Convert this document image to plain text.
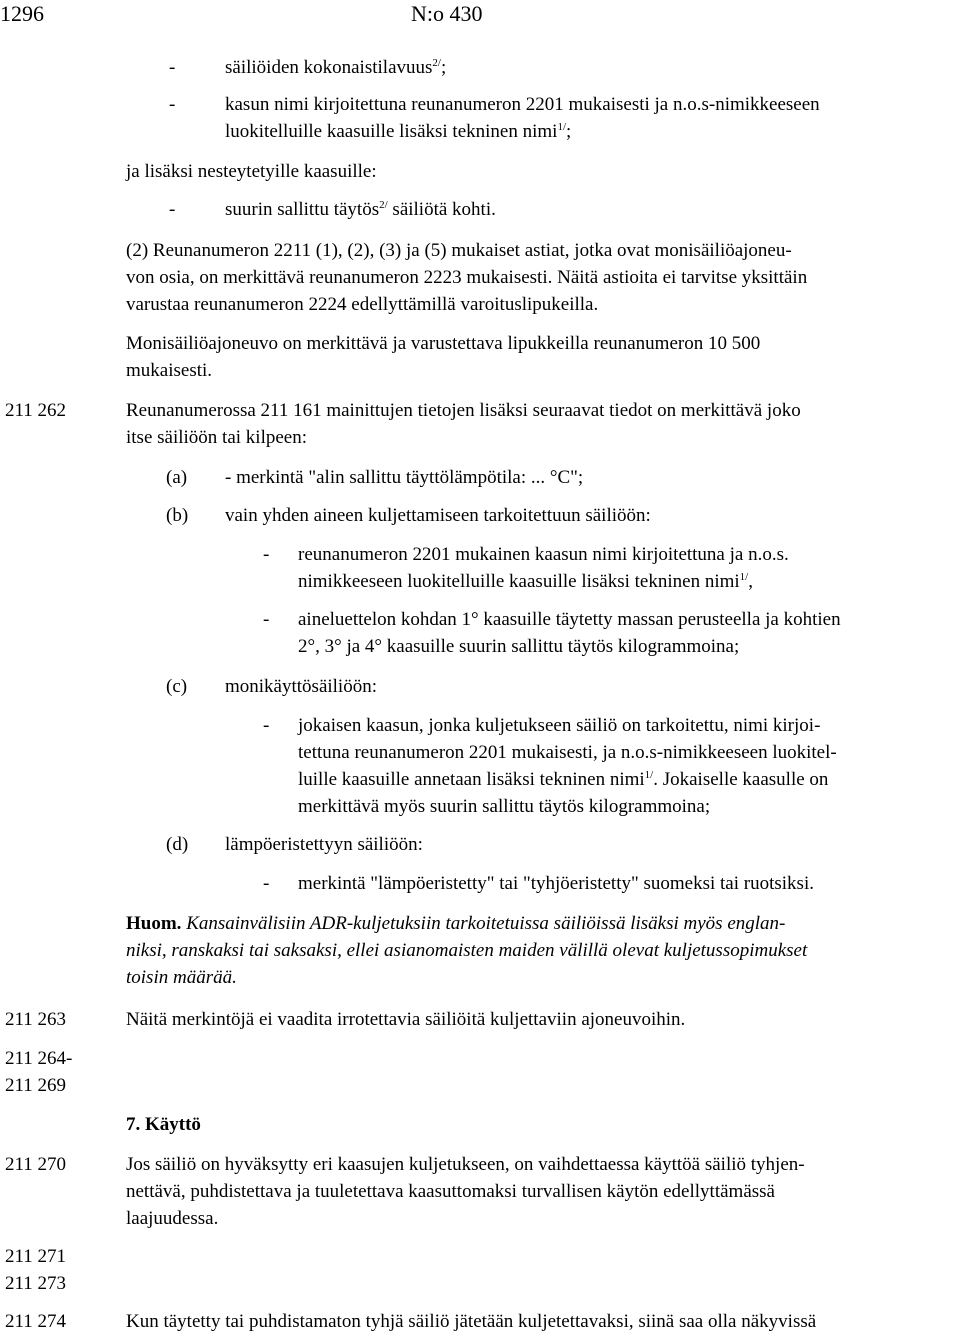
1296	N:o 430
-	säiliöiden kokonaistilavuus$^{2/}$;
-	kasun nimi kirjoitettuna reunanumeron 2201 mukaisesti ja n.o.s-nimikkeeseen
luokitelluille kaasuille lisäksi tekninen nimi$^{1/}$;
ja lisäksi nesteytetyille kaasuille:
-	suurin sallittu täytös$^{2/}$ säiliötä kohti.
(2) Reunanumeron 2211 (1), (2), (3) ja (5) mukaiset astiat, jotka ovat monisäiliöajoneu-
von osia, on merkittävä reunanumeron 2223 mukaisesti. Näitä astioita ei tarvitse yksittäin
varustaa reunanumeron 2224 edellyttämillä varoituslipukeilla.
Monisäiliöajoneuvo on merkittävä ja varustettava lipukkeilla reunanumeron 10 500
mukaisesti.
211 262	Reunanumerossa 211 161 mainittujen tietojen lisäksi seuraavat tiedot on merkittävä joko
itse säiliöön tai kilpeen:
(a) - merkintä "alin sallittu täyttölämpötila: ... °C";
(b) vain yhden aineen kuljettamiseen tarkoitettuun säiliöön:
- reunanumeron 2201 mukainen kaasun nimi kirjoitettuna ja n.o.s.
nimikkeeseen luokitelluille kaasuille lisäksi tekninen nimi$^{1/}$,
- aineluettelon kohdan 1° kaasuille täytetty massan perusteella ja kohtien
2°, 3° ja 4° kaasuille suurin sallittu täytös kilogrammoina;
(c) monikäyttösäiliöön:
- jokaisen kaasun, jonka kuljetukseen säiliö on tarkoitettu, nimi kirjoi-
tettuna reunanumeron 2201 mukaisesti, ja n.o.s-nimikkeeseen luokitel-
luille kaasuille annetaan lisäksi tekninen nimi$^{1/}$. Jokaiselle kaasulle on
merkittävä myös suurin sallittu täytös kilogrammoina;
(d) lämpöeristettyyn säiliöön:
- merkintä "lämpöeristetty" tai "tyhjöeristetty" suomeksi tai ruotsiksi.
Huom. Kansainvälisiin ADR-kuljetuksiin tarkoitetuissa säiliöissä lisäksi myös englan-
niksi, ranskaksi tai saksaksi, ellei asianomaisten maiden välillä olevat kuljetussopimukset
toisin määrää.
211 263	Näitä merkintöjä ei vaadita irrotettavia säiliöitä kuljettaviin ajoneuvoihin.
211 264-
211 269
7. Käyttö
211 270	Jos säiliö on hyväksytty eri kaasujen kuljetukseen, on vaihdettaessa käyttöä säiliö tyhjen-
nettävä, puhdistettava ja tuuletettava kaasuttomaksi turvallisen käytön edellyttämässä
laajuudessa.
211 271
211 273
211 274	Kun täytetty tai puhdistamaton tyhjä säiliö jätetään kuljetettavaksi, siinä saa olla näkyvissä
